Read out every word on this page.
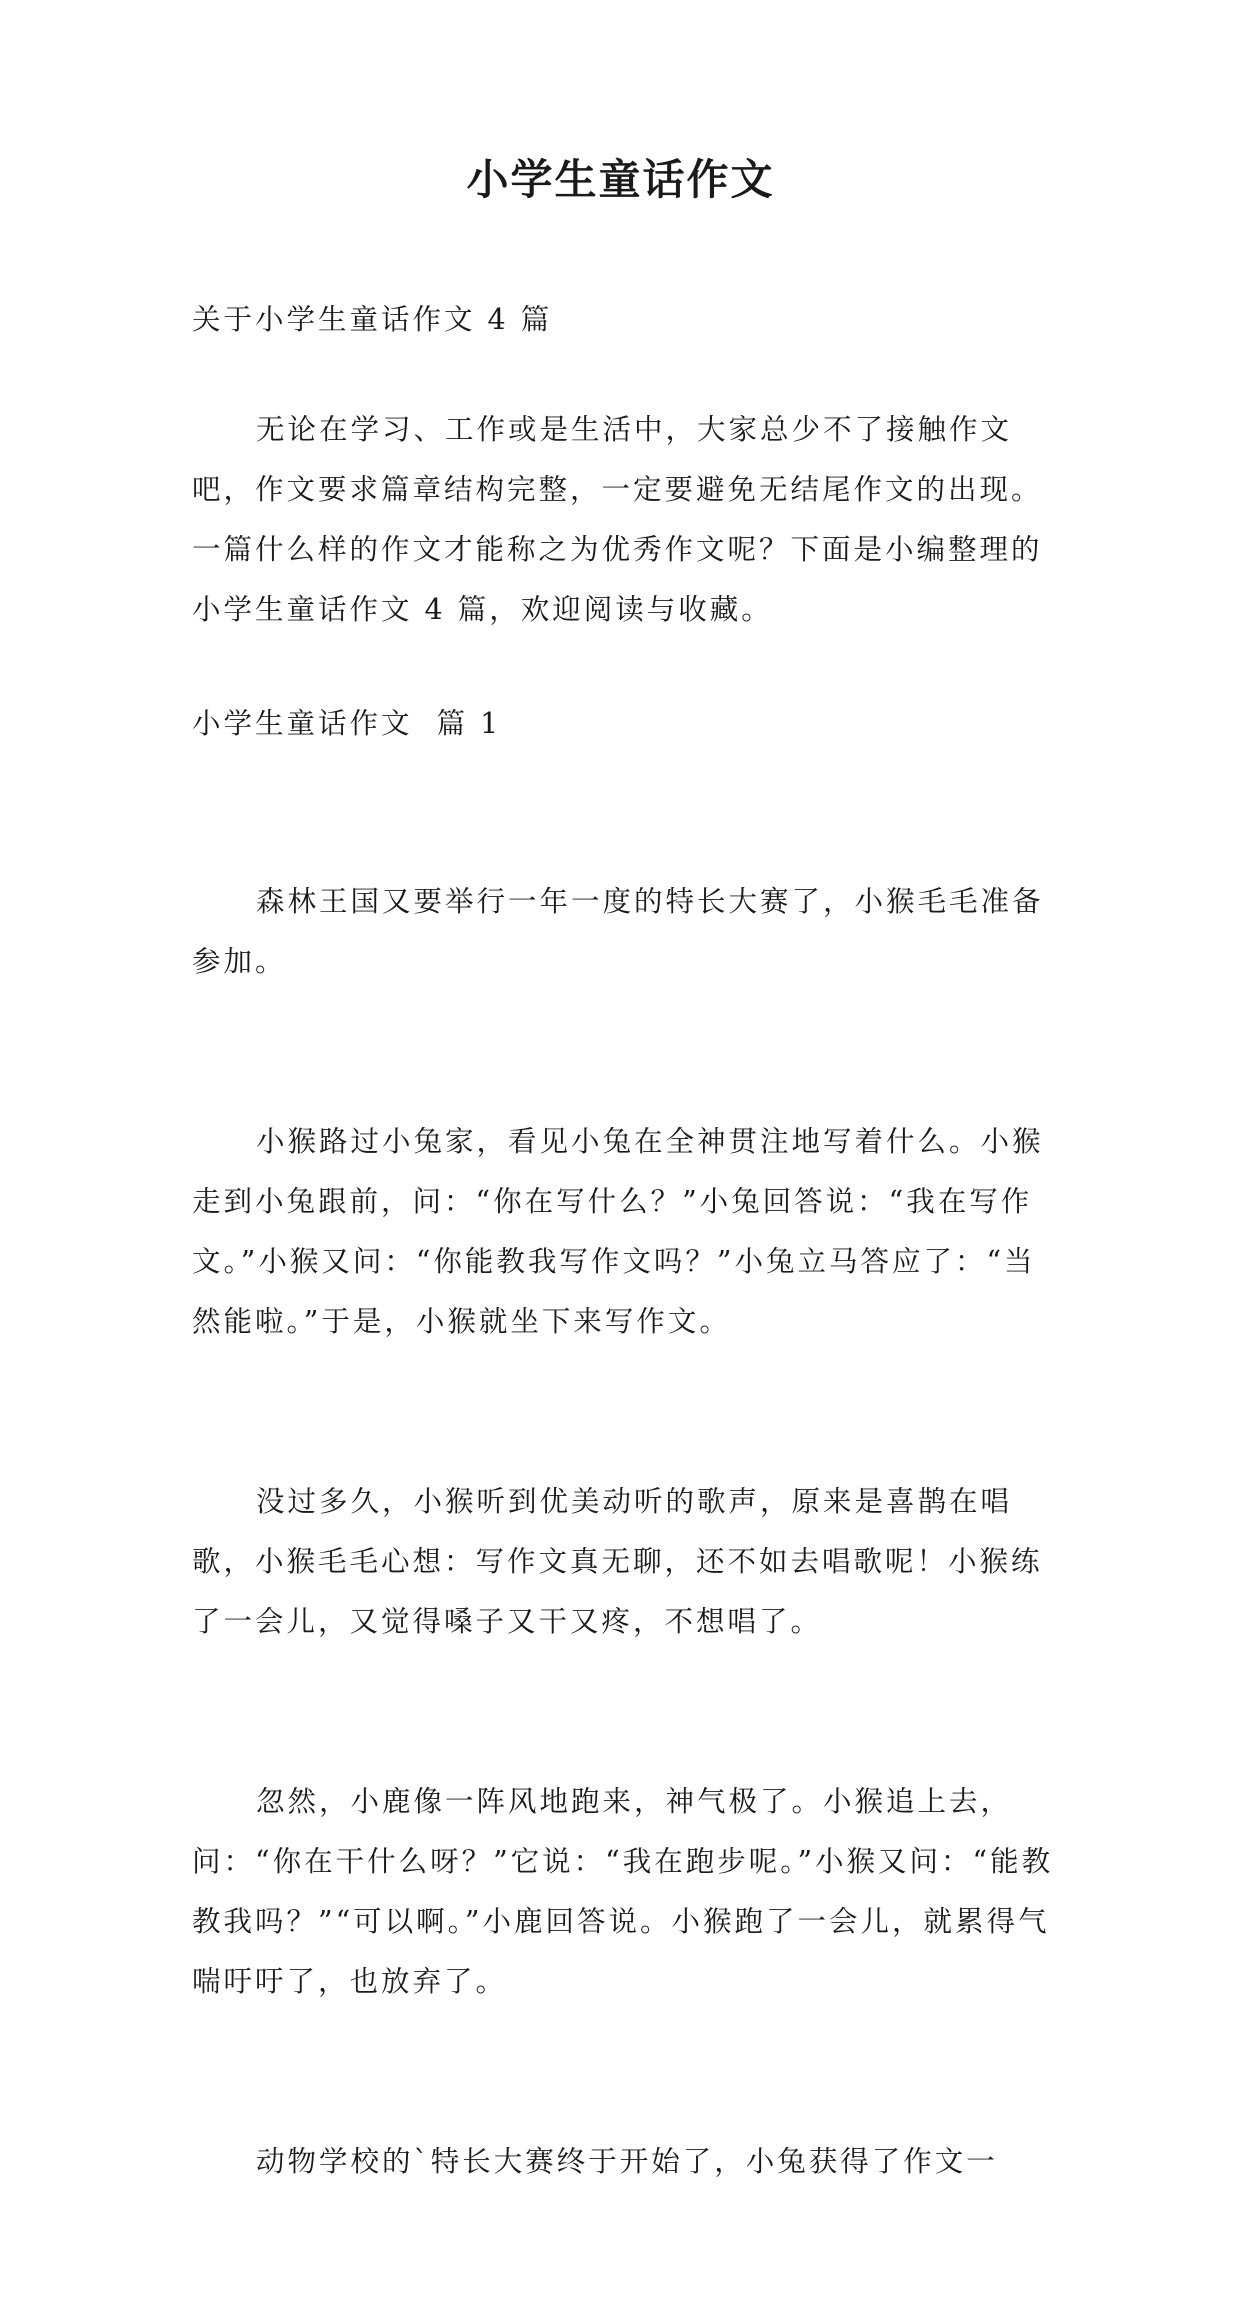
小学生童话作文

关于小学生童话作文 4 篇

无论在学习、工作或是生活中，大家总少不了接触作文吧，作文要求篇章结构完整，一定要避免无结尾作文的出现。一篇什么样的作文才能称之为优秀作文呢？下面是小编整理的小学生童话作文 4 篇，欢迎阅读与收藏。

小学生童话作文  篇 1

森林王国又要举行一年一度的特长大赛了，小猴毛毛准备参加。

小猴路过小兔家，看见小兔在全神贯注地写着什么。小猴走到小兔跟前，问：“你在写什么？”小兔回答说：“我在写作文。”小猴又问：“你能教我写作文吗？”小兔立马答应了：“当然能啦。”于是，小猴就坐下来写作文。

没过多久，小猴听到优美动听的歌声，原来是喜鹊在唱歌，小猴毛毛心想：写作文真无聊，还不如去唱歌呢！小猴练了一会儿，又觉得嗓子又干又疼，不想唱了。

忽然，小鹿像一阵风地跑来，神气极了。小猴追上去，问：“你在干什么呀？”它说：“我在跑步呢。”小猴又问：“能教教我吗？”“可以啊。”小鹿回答说。小猴跑了一会儿，就累得气喘吁吁了，也放弃了。

动物学校的`特长大赛终于开始了，小兔获得了作文一
